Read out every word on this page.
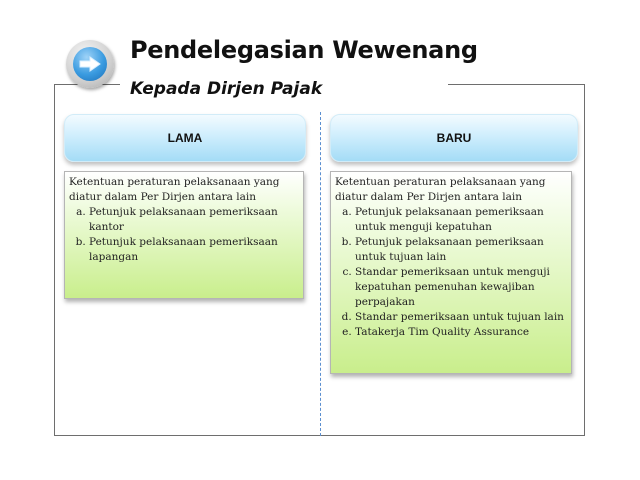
Pendelegasian Wewenang
Kepada Dirjen Pajak
LAMA

Ketentuan peraturan pelaksanaan yang diatur dalam Per Dirjen antara lain

a. Petunjuk pelaksanaan pemeriksaan kantor
b. Petunjuk pelaksanaan pemeriksaan lapangan
BARU

Ketentuan peraturan pelaksanaan yang diatur dalam Per Dirjen antara lain

a. Petunjuk pelaksanaan pemeriksaan untuk menguji kepatuhan
b. Petunjuk pelaksanaan pemeriksaan untuk tujuan lain
c. Standar pemeriksaan untuk menguji kepatuhan pemenuhan kewajiban perpajakan
d. Standar pemeriksaan untuk tujuan lain
e. Tatakerja Tim Quality Assurance
